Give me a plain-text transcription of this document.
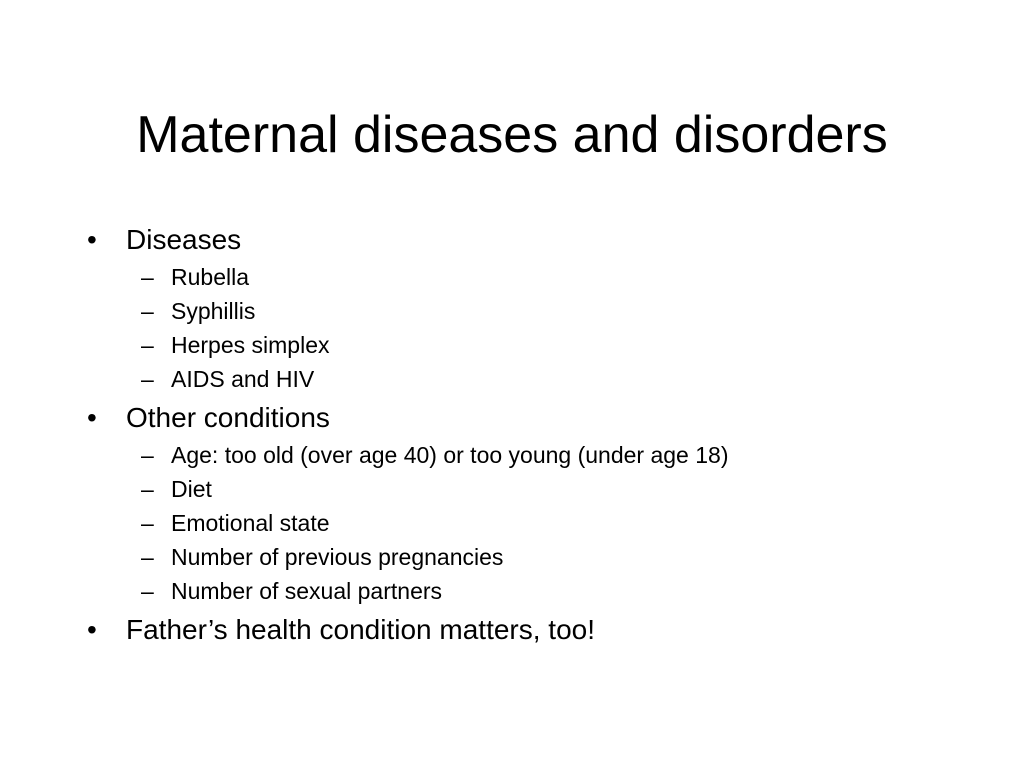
Maternal diseases and disorders
•	Diseases
– Rubella
– Syphillis
– Herpes simplex
– AIDS and HIV
•	Other conditions
– Age: too old (over age 40) or too young (under age 18)
– Diet
– Emotional state
– Number of previous pregnancies
– Number of sexual partners
•	Father’s health condition matters, too!
